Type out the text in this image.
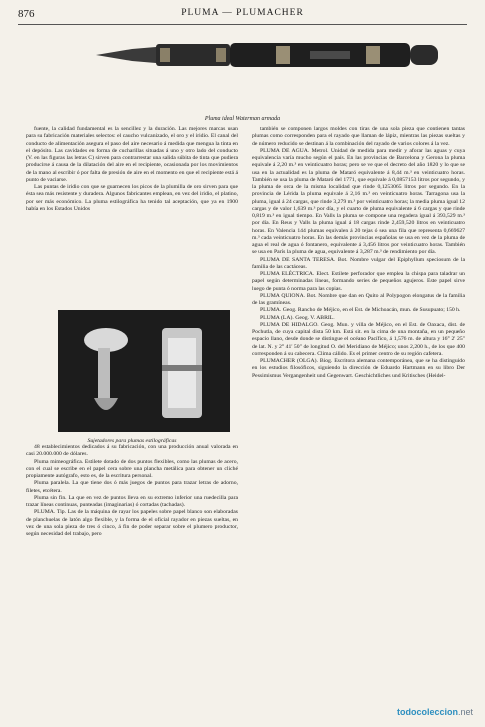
876	PLUMA — PLUMACHER
Pluma ideal Waterman armada

fuente, la calidad fundamental es la sencillez y la duración. Las mejores marcas usan para su fabricación materiales selectos: el caucho vulcanizado, el oro y el iridio. El canal del conducto de alimentación asegura el paso del aire necesario á medida que mengua la tinta en el depósito. Las cavidades en forma de cucharillas situadas á uno y otro lado del conducto (V. en las figuras las letras C) sirven para contrarrestar una salida súbita de tinta que pudiera producirse á causa de la dilatación del aire en el recipiente, ocasionada por los movimientos de la mano al escribir ó por falta de presión de aire en el momento en que el recipiente está á punto de vaciarse.

Las puntas de iridio con que se guarnecen los picos de la plumilla de oro sirven para que ésta sea más resistente y duradera. Algunos fabricantes emplean, en vez del iridio, el platino, por ser más económico. La pluma estilográfica ha tenido tal aceptación, que ya en 1900 había en los Estados Unidos

Sujetadores para plumas estilográficas

48 establecimientos dedicados á su fabricación, con una producción anual valorada en casi 20.000.000 de dólares.

Pluma mimeográfica. Estilete dotado de dos puntos flexibles, como las plumas de acero, con el cual se escribe en el papel cera sobre una plancha metálica para obtener un cliché propiamente autógrafo, esto es, de la escritura personal.

Pluma paralela. La que tiene dos ó más juegos de puntos para trazar letras de adorno, filetes, etcétera.

Pluma sin fin. La que en vez de puntos lleva en su extremo inferior una ruedecilla para trazar líneas continuas, punteadas (imaginarias) ó cortadas (tachadas).

PLUMA. Tip. Las de la máquina de rayar los papeles sobre papel blanco son elaboradas de planchuelas de latón algo flexible, y la forma de el oficial rayador en piezas sueltas, en vez de una sola pieza de tres ó cinco, á fin de poder separar sobre el plumero productor, según necesidad del trabajo, pero

también se componen largos moldes con tiras de una sola pieza que contienen tantas plumas como corresponden para el rayado que llaman de lápiz, mientras las piezas sueltas y de número reducido se destinan á la combinación del rayado de varios colores á la vez.

PLUMA DE AGUA. Metrol. Unidad de medida para medir y aforar las aguas y cuya equivalencia varía mucho según el país. En las provincias de Barcelona y Gerona la pluma equivale á 2,20 m.³ en veinticuatro horas; pero se ve que el decreto del año 1820 y lo que se usa en la actualidad es la pluma de Mataró equivalente á 8,44 m.³ en veinticuatro horas. También se usa la pluma de Mataró del 1771, que equivale á 0,0857153 litros por segundo, y la pluma de orca de la misma localidad que rinde 0,1253065 litros por segundo. En la provincia de Lérida la pluma equivale á 2,16 m.³ en veinticuatro horas. Tarragona usa la pluma, igual á 24 cargas, que rinde 3,279 m.³ por veinticuatro horas; la media pluma igual 12 cargas y de valor 1,639 m.³ por día, y el cuarto de pluma equivalente á 6 cargas y que rinde 0,819 m.³ en igual tiempo. En Valls la pluma se compone una regadera igual á 393,529 m.³ por día. En Reus y Valls la pluma igual á 18 cargas rinde 2,459,520 litros en veinticuatro horas. En Valencia 144 plumas equivalen á 20 tejas ó sea una fila que representa 0,669627 m.³ cada veinticuatro horas. En las demás provincias españolas se usa en vez de la pluma de agua el real de agua ó fontanero, equivalente á 3,456 litros por veinticuatro horas. También se usa en París la pluma de agua, equivalente á 3,287 m.³ de rendimiento por día.

PLUMA DE SANTA TERESA. Bot. Nombre vulgar del Epiphyllum speciosum de la familia de las cactáceas.

PLUMA ELÉCTRICA. Elect. Estilete perforador que emplea la chispa para taladrar un papel según determinadas líneas, formando series de pequeños agujeros. Este papel sirve luego de punta ó norma para las copias.

PLUMA QUIONA. Bot. Nombre que dan en Quito al Polypogon elongatus de la familia de las gramíneas.

PLUMA. Geog. Rancho de Méjico, en el Est. de Michoacán, mun. de Susupuato; 150 h.

PLUMA (LA). Geog. V. ABRIL.

PLUMA DE HIDALGO. Geog. Mun. y villa de Méjico, en el Est. de Oaxaca, dist. de Pochutla, de cuya capital dista 50 km. Está sit. en la cima de una montaña, en un pequeño espacio llano, desde donde se distingue el océano Pacífico, á 1,576 m. de altura y 16° 2' 25" de lat. N. y 2° 41' 50" de longitud O. del Meridiano de Méjico; unos 2,200 h., de los que 400 corresponden á su cabecera. Clima cálido. Es el primer centro de su región cafetera.

PLUMACHER (OLGA). Biog. Escritora alemana contemporánea, que se ha distinguido en los estudios filosóficos, siguiendo la dirección de Eduardo Hartmann en su libro Der Pessimismus Vergangenheit und Gegenwart. Geschichtliches und Kritisches (Heidel-

todocoleccion.net
